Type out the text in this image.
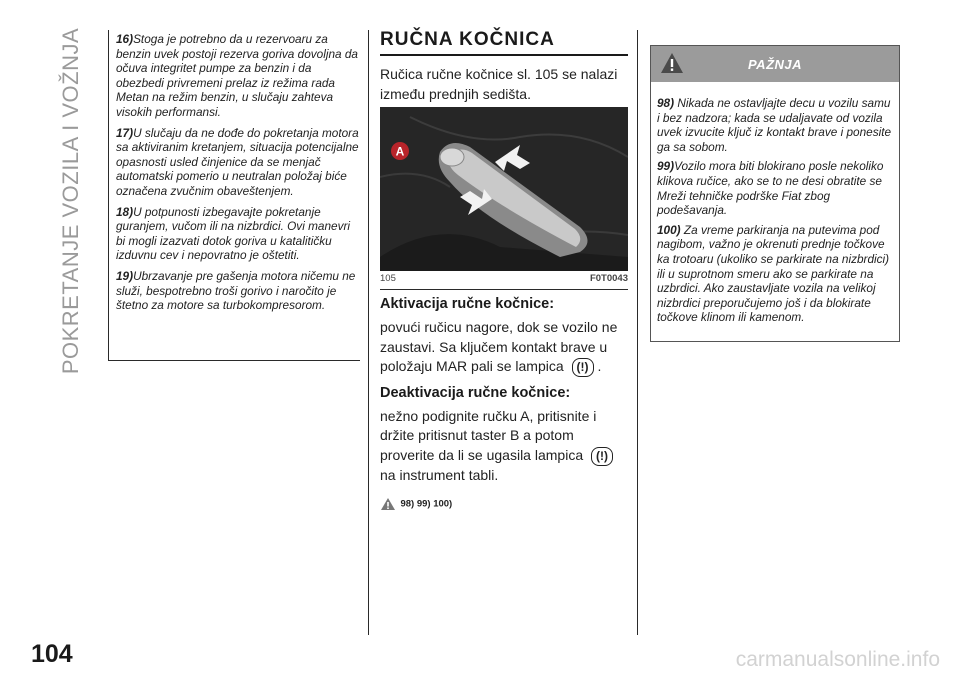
POKRETANJE VOZILA I VOŽNJA
104

16)Stoga je potrebno da u rezervoaru za benzin uvek postoji rezerva goriva dovoljna da očuva integritet pumpe za benzin i da obezbedi privremeni prelaz iz režima rada Metan na režim benzin, u slučaju zahteva visokih performansi.

17)U slučaju da ne dođe do pokretanja motora sa aktiviranim kretanjem, situacija potencijalne opasnosti usled činjenice da se menjač automatski pomerio u neutralan položaj biće označena zvučnim obaveštenjem.

18)U potpunosti izbegavajte pokretanje guranjem, vučom ili na nizbrdici. Ovi manevri bi mogli izazvati dotok goriva u katalitičku izduvnu cev i nepovratno je oštetiti.

19)Ubrzavanje pre gašenja motora ničemu ne služi, bespotrebno troši gorivo i naročito je štetno za motore sa turbokompresorom.

RUČNA KOČNICA

Ručica ručne kočnice sl. 105 se nalazi između prednjih sedišta.

A
105	F0T0043

Aktivacija ručne kočnice:

povući ručicu nagore, dok se vozilo ne zaustavi. Sa ključem kontakt brave u položaju MAR pali se lampica (!) .

Deaktivacija ručne kočnice:

nežno podignite ručku A, pritisnite i držite pritisnut taster B a potom proverite da li se ugasila lampica (!)na instrument tabli.

98) 99) 100)

PAŽNJA

98) Nikada ne ostavljajte decu u vozilu samu i bez nadzora; kada se udaljavate od vozila uvek izvucite ključ iz kontakt brave i ponesite ga sa sobom.

99)Vozilo mora biti blokirano posle nekoliko klikova ručice, ako se to ne desi obratite se Mreži tehničke podrške Fiat zbog podešavanja.

100) Za vreme parkiranja na putevima pod nagibom, važno je okrenuti prednje točkove ka trotoaru (ukoliko se parkirate na nizbrdici) ili u suprotnom smeru ako se parkirate na uzbrdici. Ako zaustavljate vozila na velikoj nizbrdici preporučujemo još i da blokirate točkove klinom ili kamenom.

carmanualsonline.info
